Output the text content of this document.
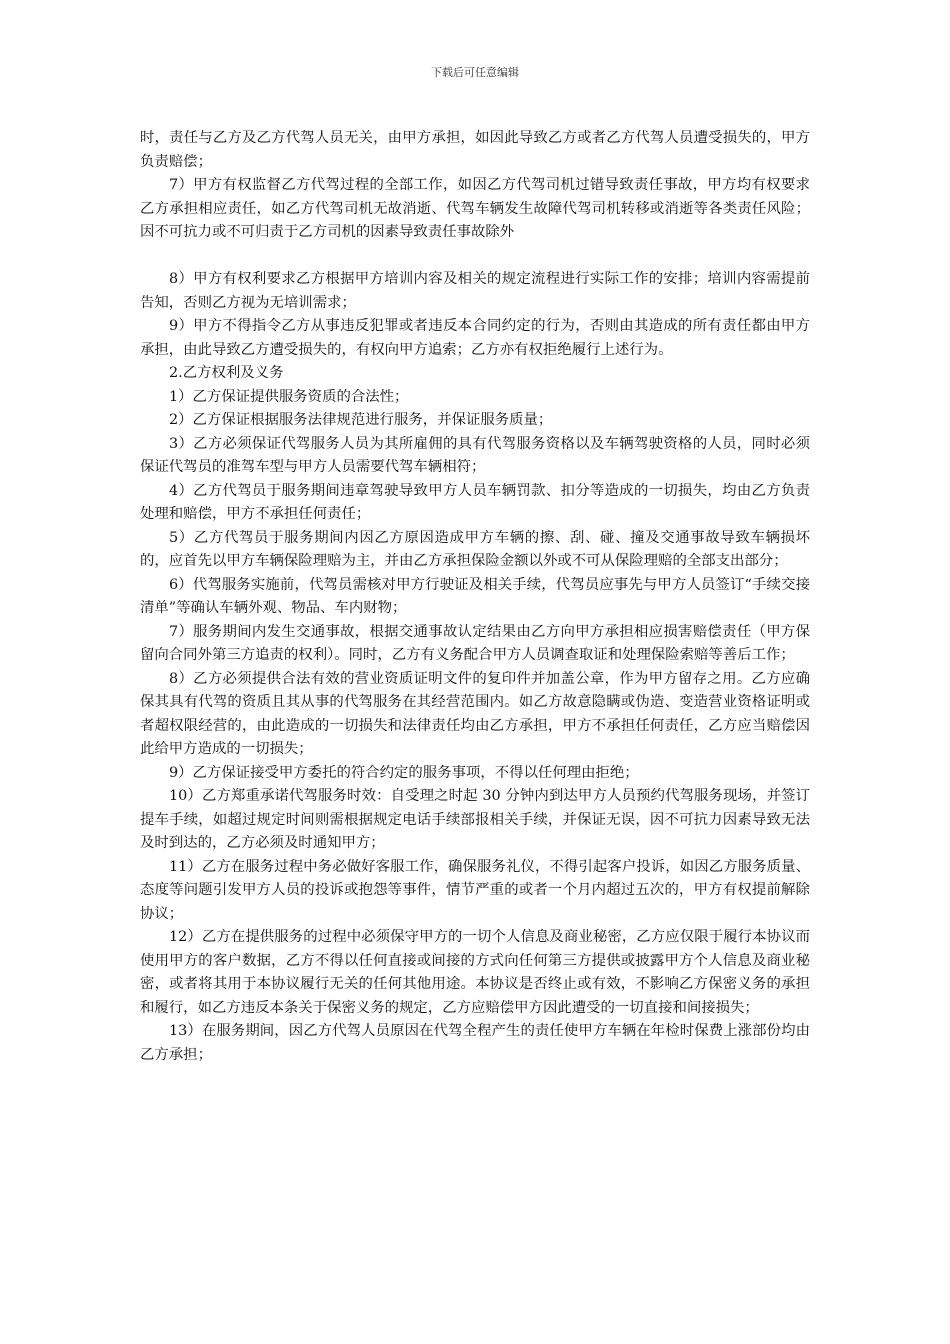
下载后可任意编辑

时，责任与乙方及乙方代驾人员无关，由甲方承担，如因此导致乙方或者乙方代驾人员遭受损失的，甲方负责赔偿；

7）甲方有权监督乙方代驾过程的全部工作，如因乙方代驾司机过错导致责任事故，甲方均有权要求乙方承担相应责任，如乙方代驾司机无故消逝、代驾车辆发生故障代驾司机转移或消逝等各类责任风险；因不可抗力或不可归责于乙方司机的因素导致责任事故除外

8）甲方有权利要求乙方根据甲方培训内容及相关的规定流程进行实际工作的安排；培训内容需提前告知，否则乙方视为无培训需求；

9）甲方不得指令乙方从事违反犯罪或者违反本合同约定的行为，否则由其造成的所有责任都由甲方承担，由此导致乙方遭受损失的，有权向甲方追索；乙方亦有权拒绝履行上述行为。

2.乙方权利及义务

1）乙方保证提供服务资质的合法性；

2）乙方保证根据服务法律规范进行服务，并保证服务质量；

3）乙方必须保证代驾服务人员为其所雇佣的具有代驾服务资格以及车辆驾驶资格的人员，同时必须保证代驾员的准驾车型与甲方人员需要代驾车辆相符；

4）乙方代驾员于服务期间违章驾驶导致甲方人员车辆罚款、扣分等造成的一切损失，均由乙方负责处理和赔偿，甲方不承担任何责任；

5）乙方代驾员于服务期间内因乙方原因造成甲方车辆的擦、刮、碰、撞及交通事故导致车辆损坏的，应首先以甲方车辆保险理赔为主，并由乙方承担保险金额以外或不可从保险理赔的全部支出部分；

6）代驾服务实施前，代驾员需核对甲方行驶证及相关手续，代驾员应事先与甲方人员签订“手续交接清单”等确认车辆外观、物品、车内财物；

7）服务期间内发生交通事故，根据交通事故认定结果由乙方向甲方承担相应损害赔偿责任（甲方保留向合同外第三方追责的权利）。同时，乙方有义务配合甲方人员调查取证和处理保险索赔等善后工作；

8）乙方必须提供合法有效的营业资质证明文件的复印件并加盖公章，作为甲方留存之用。乙方应确保其具有代驾的资质且其从事的代驾服务在其经营范围内。如乙方故意隐瞒或伪造、变造营业资格证明或者超权限经营的，由此造成的一切损失和法律责任均由乙方承担，甲方不承担任何责任，乙方应当赔偿因此给甲方造成的一切损失；

9）乙方保证接受甲方委托的符合约定的服务事项，不得以任何理由拒绝；

10）乙方郑重承诺代驾服务时效：自受理之时起 30 分钟内到达甲方人员预约代驾服务现场，并签订提车手续，如超过规定时间则需根据规定电话手续部报相关手续，并保证无误，因不可抗力因素导致无法及时到达的，乙方必须及时通知甲方；

11）乙方在服务过程中务必做好客服工作，确保服务礼仪，不得引起客户投诉，如因乙方服务质量、态度等问题引发甲方人员的投诉或抱怨等事件，情节严重的或者一个月内超过五次的，甲方有权提前解除协议；

12）乙方在提供服务的过程中必须保守甲方的一切个人信息及商业秘密，乙方应仅限于履行本协议而使用甲方的客户数据，乙方不得以任何直接或间接的方式向任何第三方提供或披露甲方个人信息及商业秘密，或者将其用于本协议履行无关的任何其他用途。本协议是否终止或有效，不影响乙方保密义务的承担和履行，如乙方违反本条关于保密义务的规定，乙方应赔偿甲方因此遭受的一切直接和间接损失；

13）在服务期间，因乙方代驾人员原因在代驾全程产生的责任使甲方车辆在年检时保费上涨部份均由乙方承担；
